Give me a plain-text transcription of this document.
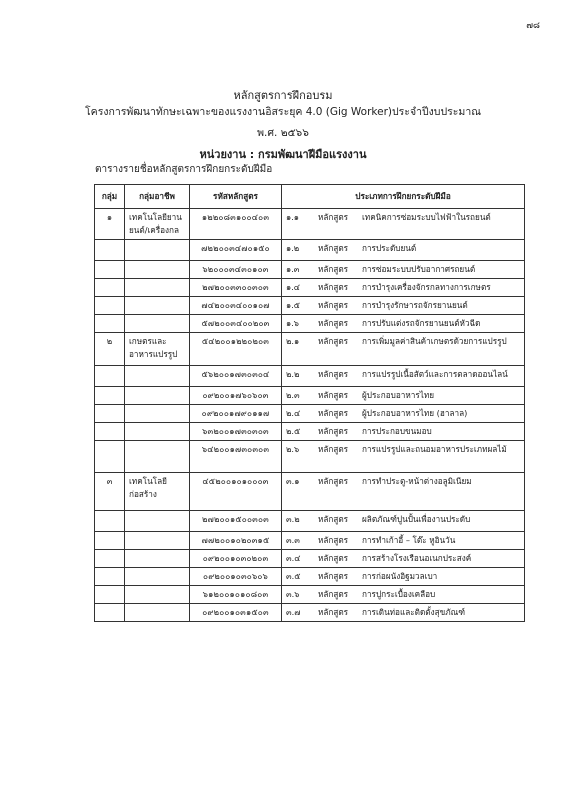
๗๘
หลักสูตรการฝึกอบรม
โครงการพัฒนาทักษะเฉพาะของแรงงานอิสระยุค 4.0 (Gig Worker)ประจำปีงบประมาณ
พ.ศ. ๒๕๖๖
หน่วยงาน : กรมพัฒนาฝีมือแรงงาน
ตารางรายชื่อหลักสูตรการฝึกยกระดับฝีมือ
กลุ่ม	กลุ่มอาชีพ	รหัสหลักสูตร	ประเภทการฝึกยกระดับฝีมือ
๑	เทคโนโลยียานยนต์/เครื่องกล	๑๒๒๐๘๓๑๐๐๔๐๓	๑.๑ หลักสูตร เทคนิคการซ่อมระบบไฟฟ้าในรถยนต์
		๗๒๒๐๐๓๔๗๐๑๕๐	๑.๒ หลักสูตร การประดับยนต์
		๖๒๐๐๐๓๔๓๐๑๐๓	๑.๓ หลักสูตร การซ่อมระบบปรับอากาศรถยนต์
		๒๗๒๐๐๓๓๐๐๓๐๓	๑.๔ หลักสูตร การบำรุงเครื่องจักรกลทางการเกษตร
		๗๔๒๐๐๓๔๐๐๑๐๗	๑.๕ หลักสูตร การบำรุงรักษารถจักรยานยนต์
		๕๗๒๐๐๓๔๐๐๒๐๓	๑.๖ หลักสูตร การปรับแต่งรถจักรยานยนต์หัวฉีด
๒	เกษตรและอาหารแปรรูป	๕๔๒๐๐๑๒๒๐๒๐๓	๒.๑ หลักสูตร การเพิ่มมูลค่าสินค้าเกษตรด้วยการแปรรูป
		๕๖๒๐๐๑๗๓๐๓๐๔	๒.๒ หลักสูตร การแปรรูปเนื้อสัตว์และการตลาดออนไลน์
		๐๙๒๐๐๑๗๖๐๖๐๓	๒.๓ หลักสูตร ผู้ประกอบอาหารไทย
		๐๙๒๐๐๑๗๙๐๑๑๗	๒.๔ หลักสูตร ผู้ประกอบอาหารไทย (ฮาลาล)
		๖๓๒๐๐๑๗๓๐๓๐๓	๒.๕ หลักสูตร การประกอบขนมอบ
		๖๔๒๐๐๑๗๓๐๓๐๓	๒.๖ หลักสูตร การแปรรูปและถนอมอาหารประเภทผลไม้
๓	เทคโนโลยีก่อสร้าง	๔๕๒๐๐๑๐๑๐๐๐๓	๓.๑ หลักสูตร การทำประตู-หน้าต่างอลูมิเนียม
		๒๗๒๐๐๑๕๐๐๓๐๓	๓.๒ หลักสูตร ผลิตภัณฑ์ปูนปั้นเพื่องานประดับ
		๗๗๒๐๐๑๐๒๐๓๑๕	๓.๓ หลักสูตร การทำเก้าอี้ – โต๊ะ หูอินวัน
		๐๙๒๐๐๑๐๓๐๒๐๓	๓.๔ หลักสูตร การสร้างโรงเรือนอเนกประสงค์
		๐๙๒๐๐๑๐๓๐๖๐๖	๓.๕ หลักสูตร การก่อผนังอิฐมวลเบา
		๖๑๒๐๐๑๐๑๐๘๐๓	๓.๖ หลักสูตร การปูกระเบื้องเคลือบ
		๐๙๒๐๐๑๐๓๑๕๐๓	๓.๗ หลักสูตร การเดินท่อและติดตั้งสุขภัณฑ์
